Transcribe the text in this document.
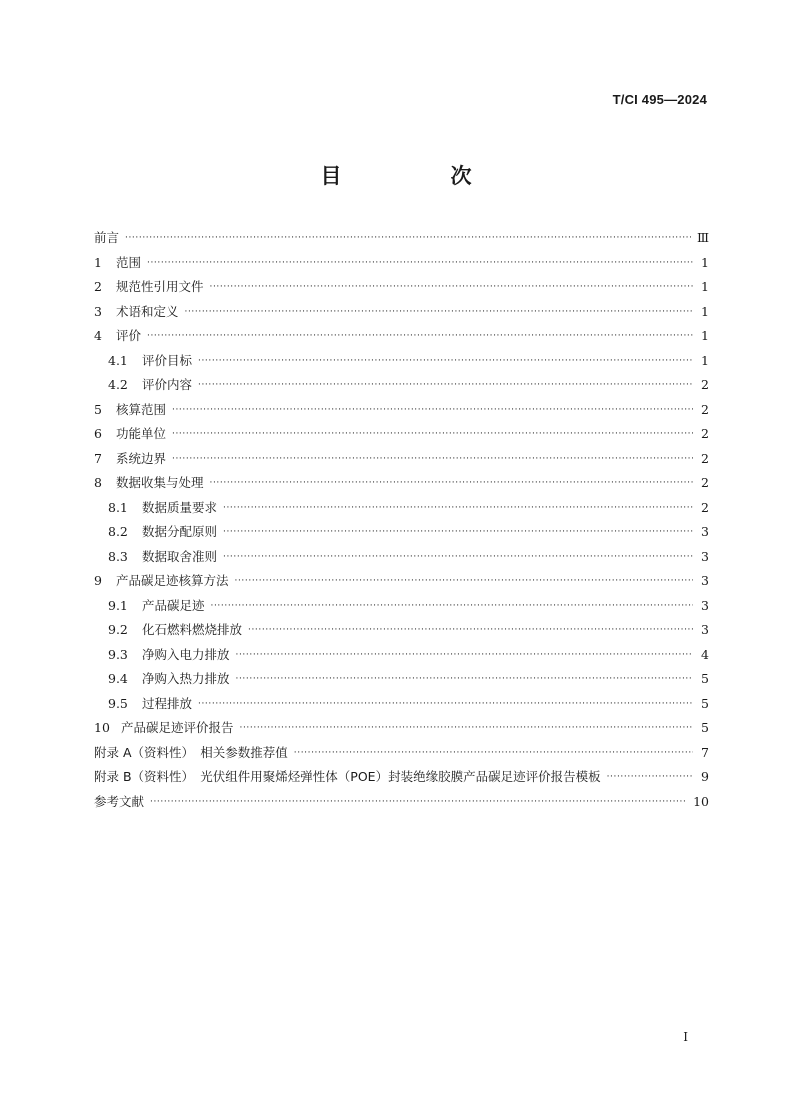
T/CI 495—2024
目　次
前言 ·····	Ⅲ
1	范围 ·····	1
2	规范性引用文件 ·····	1
3	术语和定义 ·····	1
4	评价 ·····	1
4.1	评价目标 ·····	1
4.2	评价内容 ·····	2
5	核算范围 ·····	2
6	功能单位 ·····	2
7	系统边界 ·····	2
8	数据收集与处理 ·····	2
8.1	数据质量要求 ·····	2
8.2	数据分配原则 ·····	3
8.3	数据取舍准则 ·····	3
9	产品碳足迹核算方法 ·····	3
9.1	产品碳足迹 ·····	3
9.2	化石燃料燃烧排放 ·····	3
9.3	净购入电力排放 ·····	4
9.4	净购入热力排放 ·····	5
9.5	过程排放 ·····	5
10 产品碳足迹评价报告 ·····	5
附录 A（资料性）　相关参数推荐值 ·····	7
附录 B（资料性）　光伏组件用聚烯烃弹性体（POE）封装绝缘胶膜产品碳足迹评价报告模板 ·····	9
参考文献 ·····	10
I
